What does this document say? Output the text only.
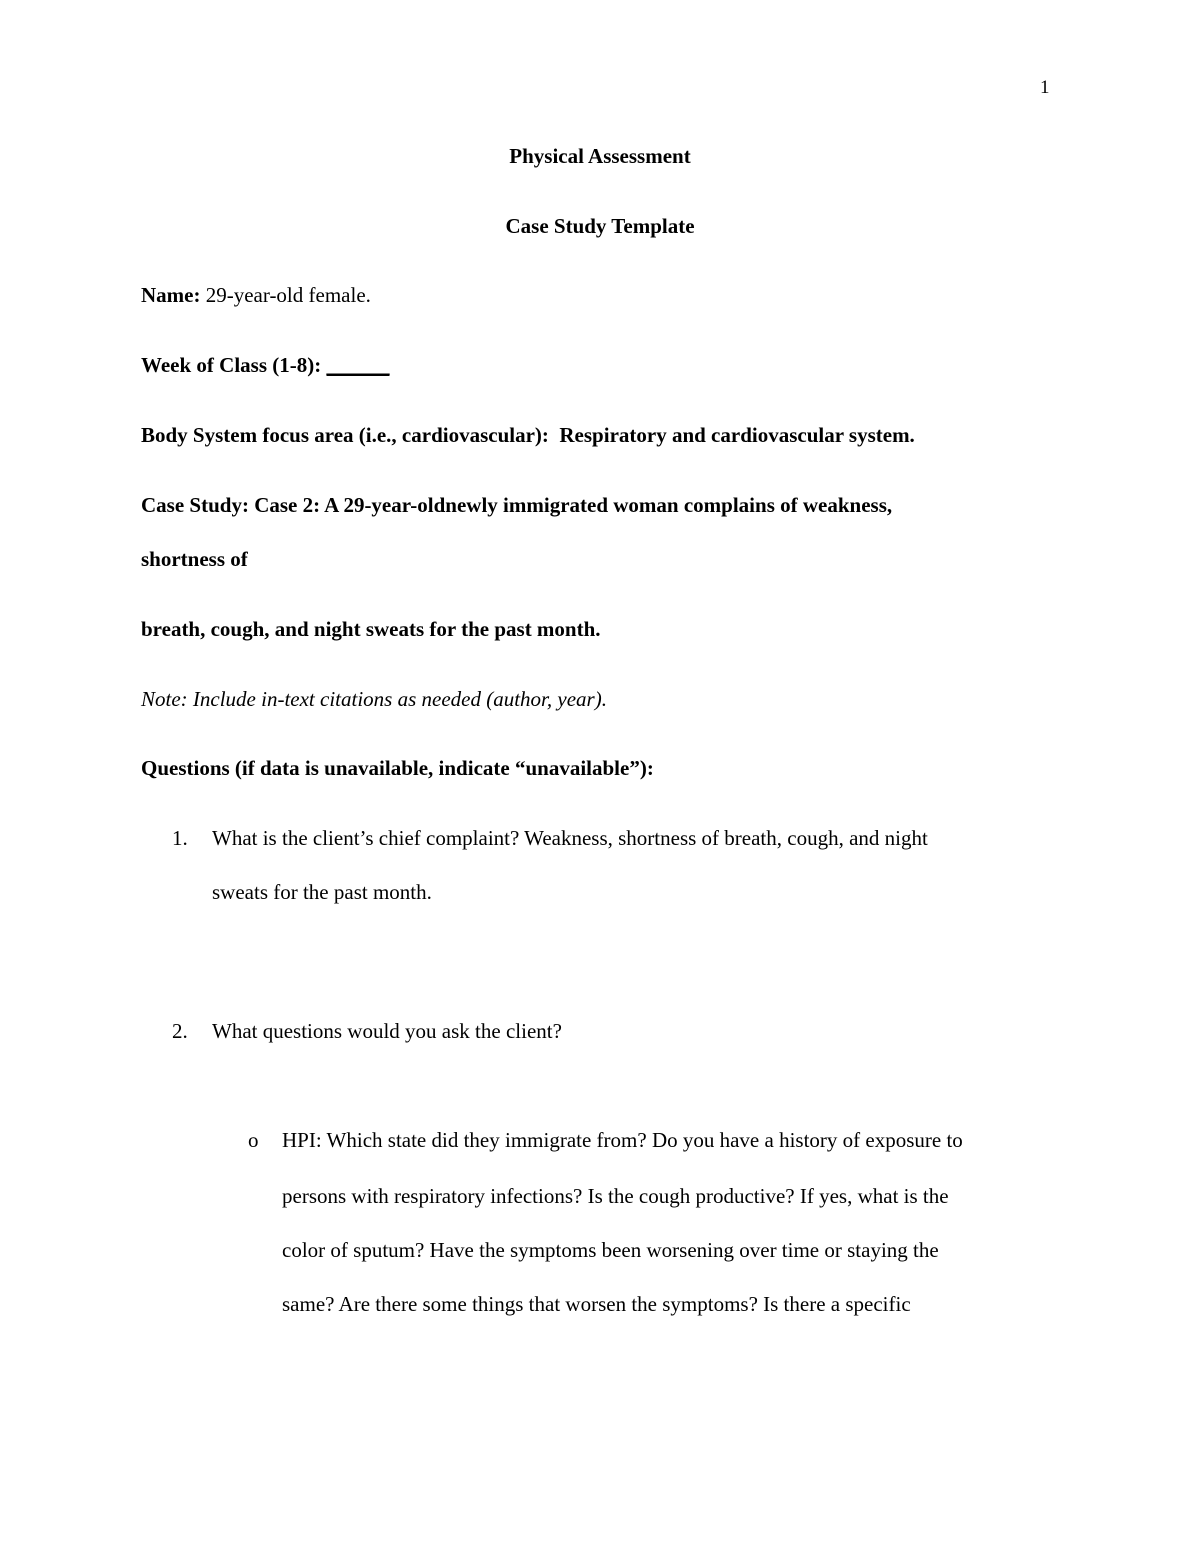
1
Physical Assessment
Case Study Template
Name: 29-year-old female.
Week of Class (1-8): ______
Body System focus area (i.e., cardiovascular): Respiratory and cardiovascular system.
Case Study: Case 2: A 29-year-oldnewly immigrated woman complains of weakness,
shortness of
breath, cough, and night sweats for the past month.
Note: Include in-text citations as needed (author, year).
Questions (if data is unavailable, indicate “unavailable”):
1. What is the client’s chief complaint? Weakness, shortness of breath, cough, and night
sweats for the past month.
2. What questions would you ask the client?
o HPI: Which state did they immigrate from? Do you have a history of exposure to
persons with respiratory infections? Is the cough productive? If yes, what is the
color of sputum? Have the symptoms been worsening over time or staying the
same? Are there some things that worsen the symptoms? Is there a specific
